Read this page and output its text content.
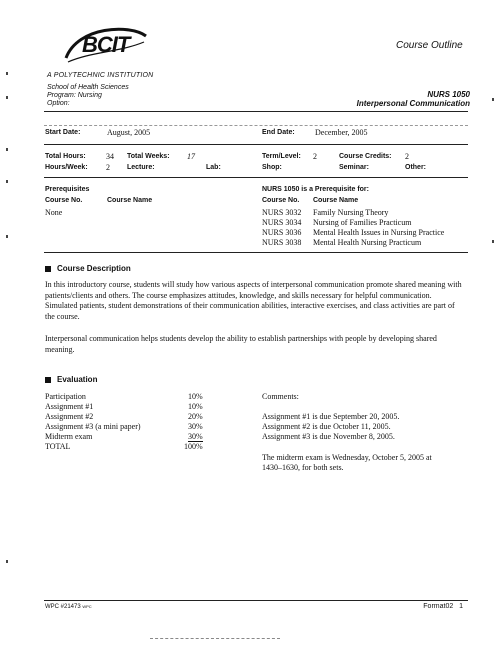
BCIT
A POLYTECHNIC INSTITUTION
Course Outline
School of Health Sciences
Program: Nursing
Option:
NURS 1050
Interpersonal Communication
Start Date:	August, 2005	End Date:	December, 2005
Total Hours:	34 Total Weeks: 17	Term/Level: 2	Course Credits: 2
Hours/Week: 2 Lecture:	Lab:	Shop:	Seminar:	Other:
Prerequisites
Course No.	Course Name
None
NURS 1050 is a Prerequisite for:
Course No. Course Name
NURS 3032 Family Nursing Theory
NURS 3034 Nursing of Families Practicum
NURS 3036 Mental Health Issues in Nursing Practice
NURS 3038 Mental Health Nursing Practicum
Course Description
In this introductory course, students will study how various aspects of interpersonal communication promote shared meaning with patients/clients and others. The course emphasizes attitudes, knowledge, and skills necessary for helpful communication. Simulated patients, student demonstrations of their communication abilities, interactive exercises, and class activities are part of the course.
Interpersonal communication helps students develop the ability to establish partnerships with people by developing shared meaning.
Evaluation
Participation	10%
Assignment #1	10%
Assignment #2	20%
Assignment #3 (a mini paper)	30%
Midterm exam	30%
TOTAL	100%
Comments:
Assignment #1 is due September 20, 2005.
Assignment #2 is due October 11, 2005.
Assignment #3 is due November 8, 2005.
The midterm exam is Wednesday, October 5, 2005 at
1430–1630, for both sets.
WPC #21473 WPC	Format02 1
